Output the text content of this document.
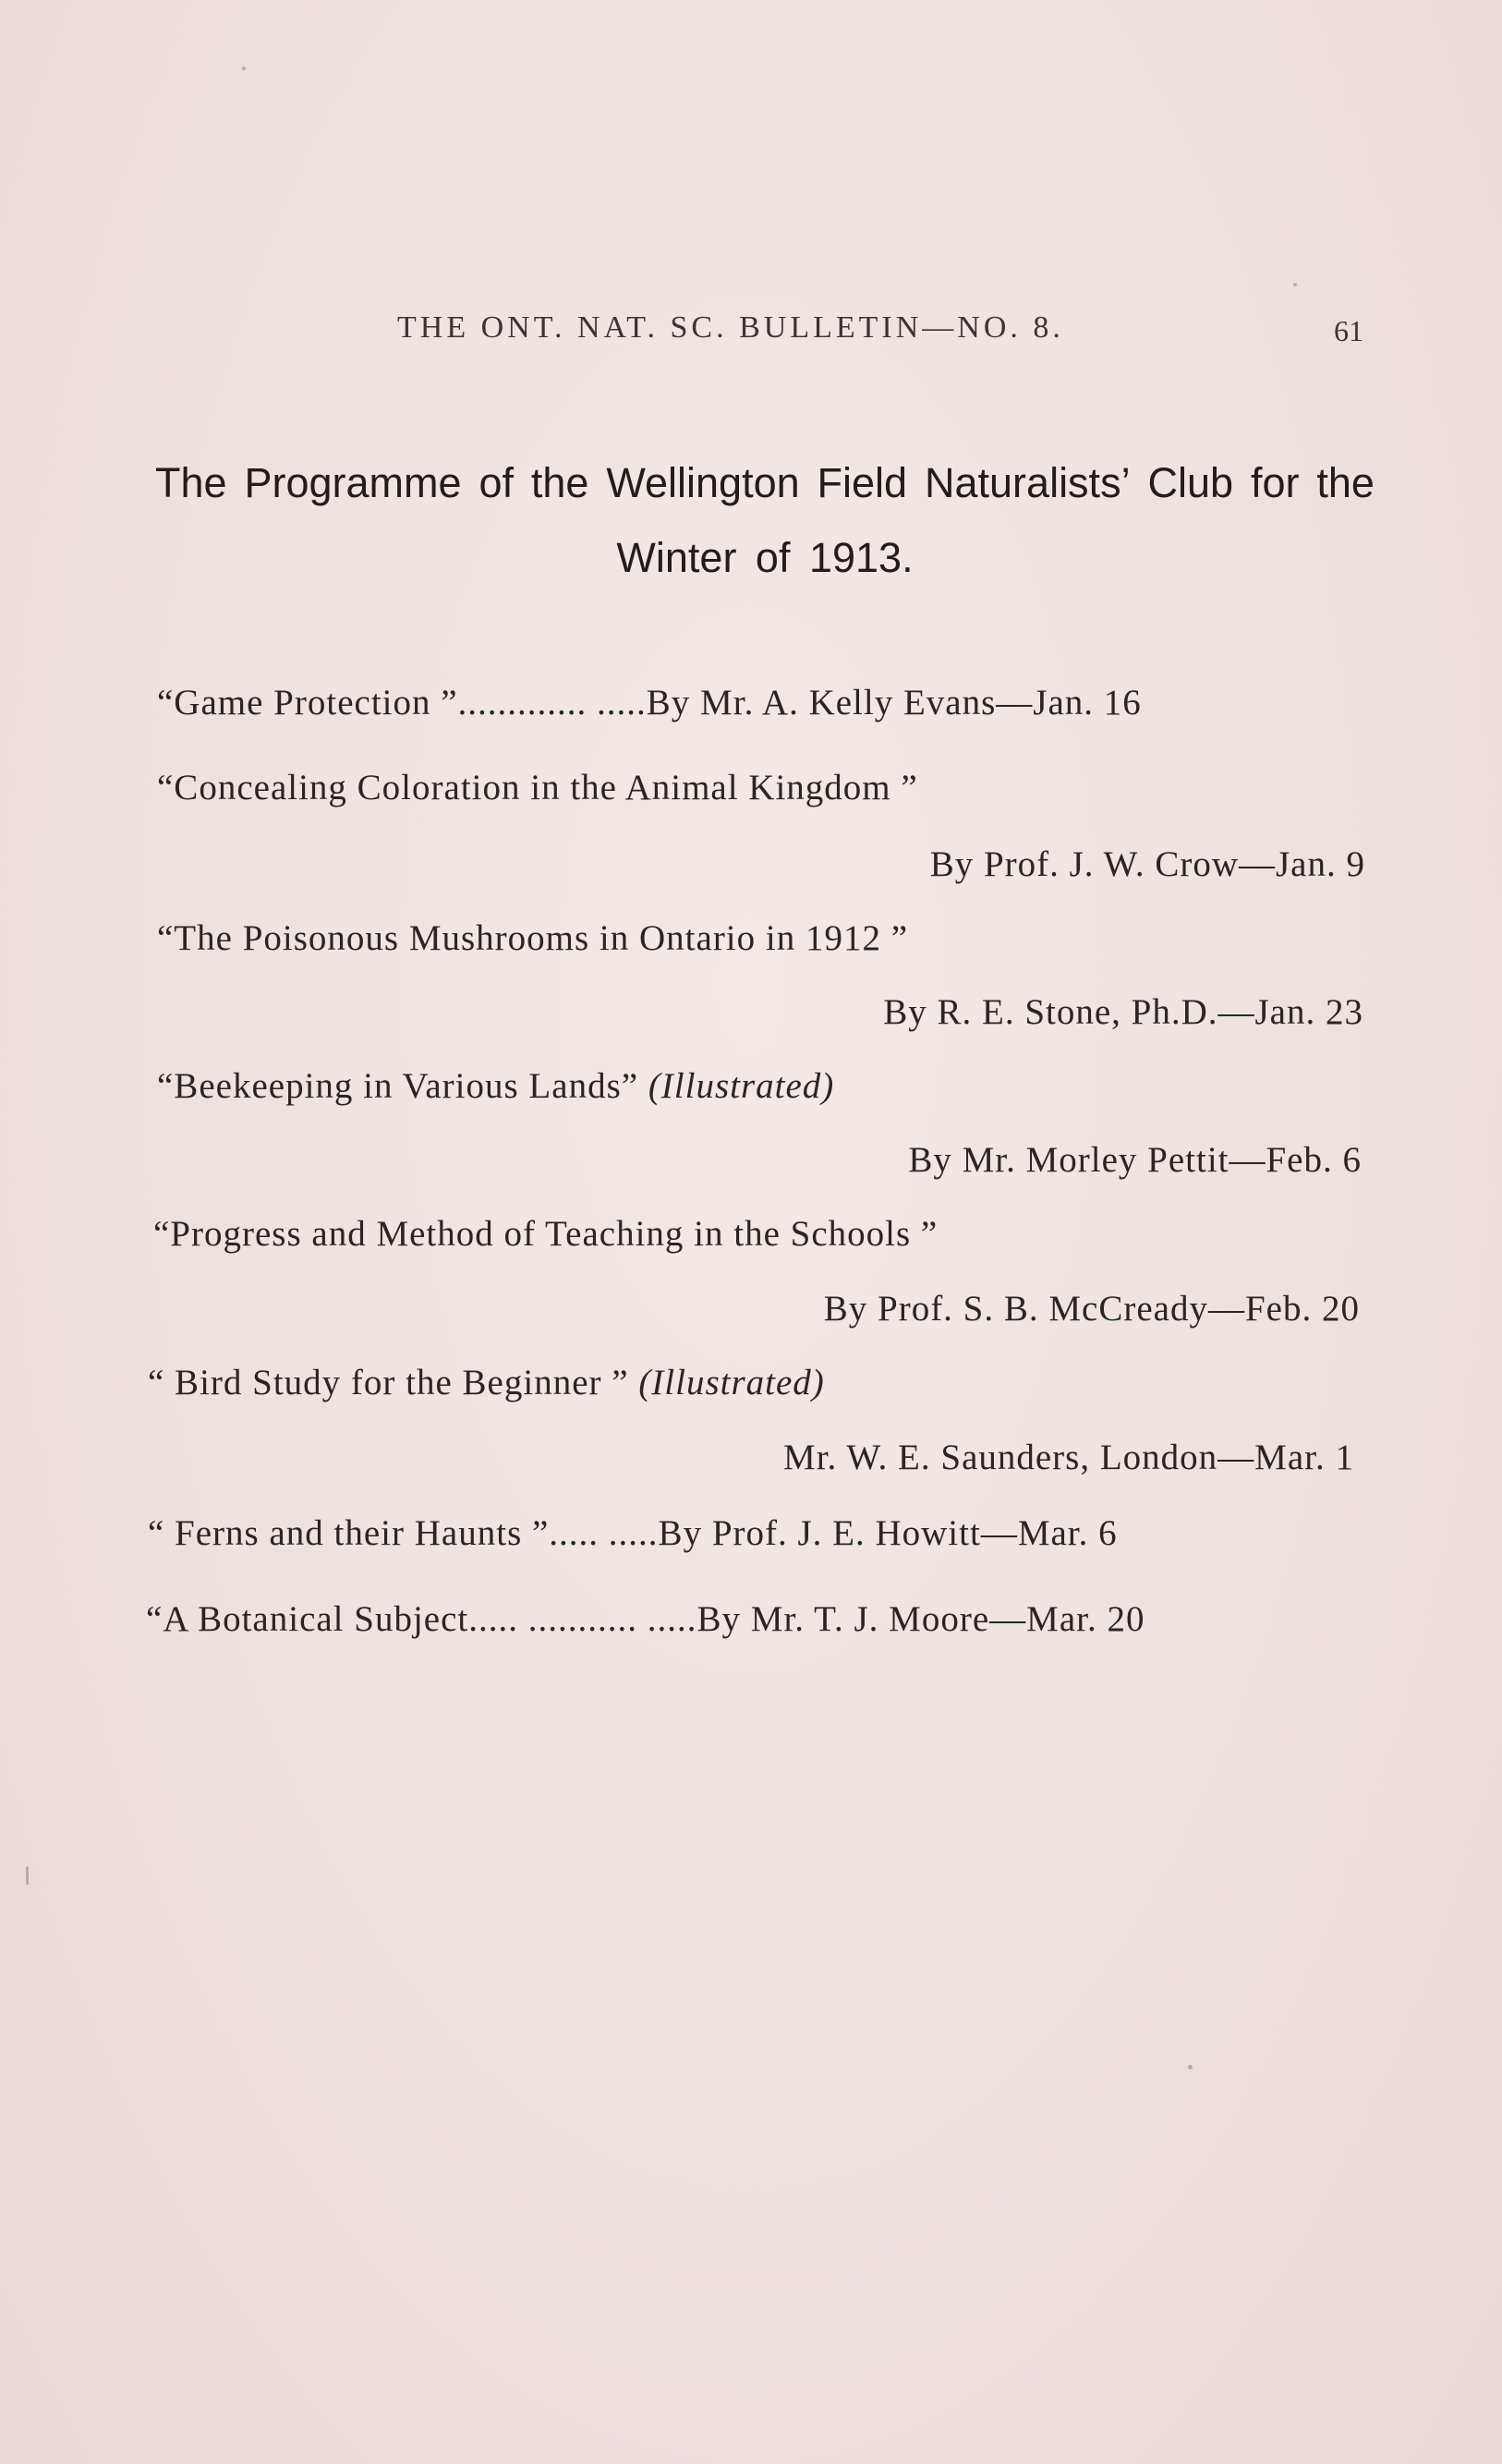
THE ONT. NAT. SC. BULLETIN—NO. 8.	61
The Programme of the Wellington Field Naturalists’ Club for the
Winter of 1913.
“Game Protection ”............. .....By Mr. A. Kelly Evans—Jan. 16
“Concealing Coloration in the Animal Kingdom ”
By Prof. J. W. Crow—Jan. 9
“The Poisonous Mushrooms in Ontario in 1912 ”
By R. E. Stone, Ph.D.—Jan. 23
“Beekeeping in Various Lands” (Illustrated)
By Mr. Morley Pettit—Feb. 6
“Progress and Method of Teaching in the Schools ”
By Prof. S. B. McCready—Feb. 20
“ Bird Study for the Beginner ” (Illustrated)
Mr. W. E. Saunders, London—Mar. 1
“ Ferns and their Haunts ”..... .....By Prof. J. E. Howitt—Mar. 6
“A Botanical Subject..... ........... .....By Mr. T. J. Moore—Mar. 20
